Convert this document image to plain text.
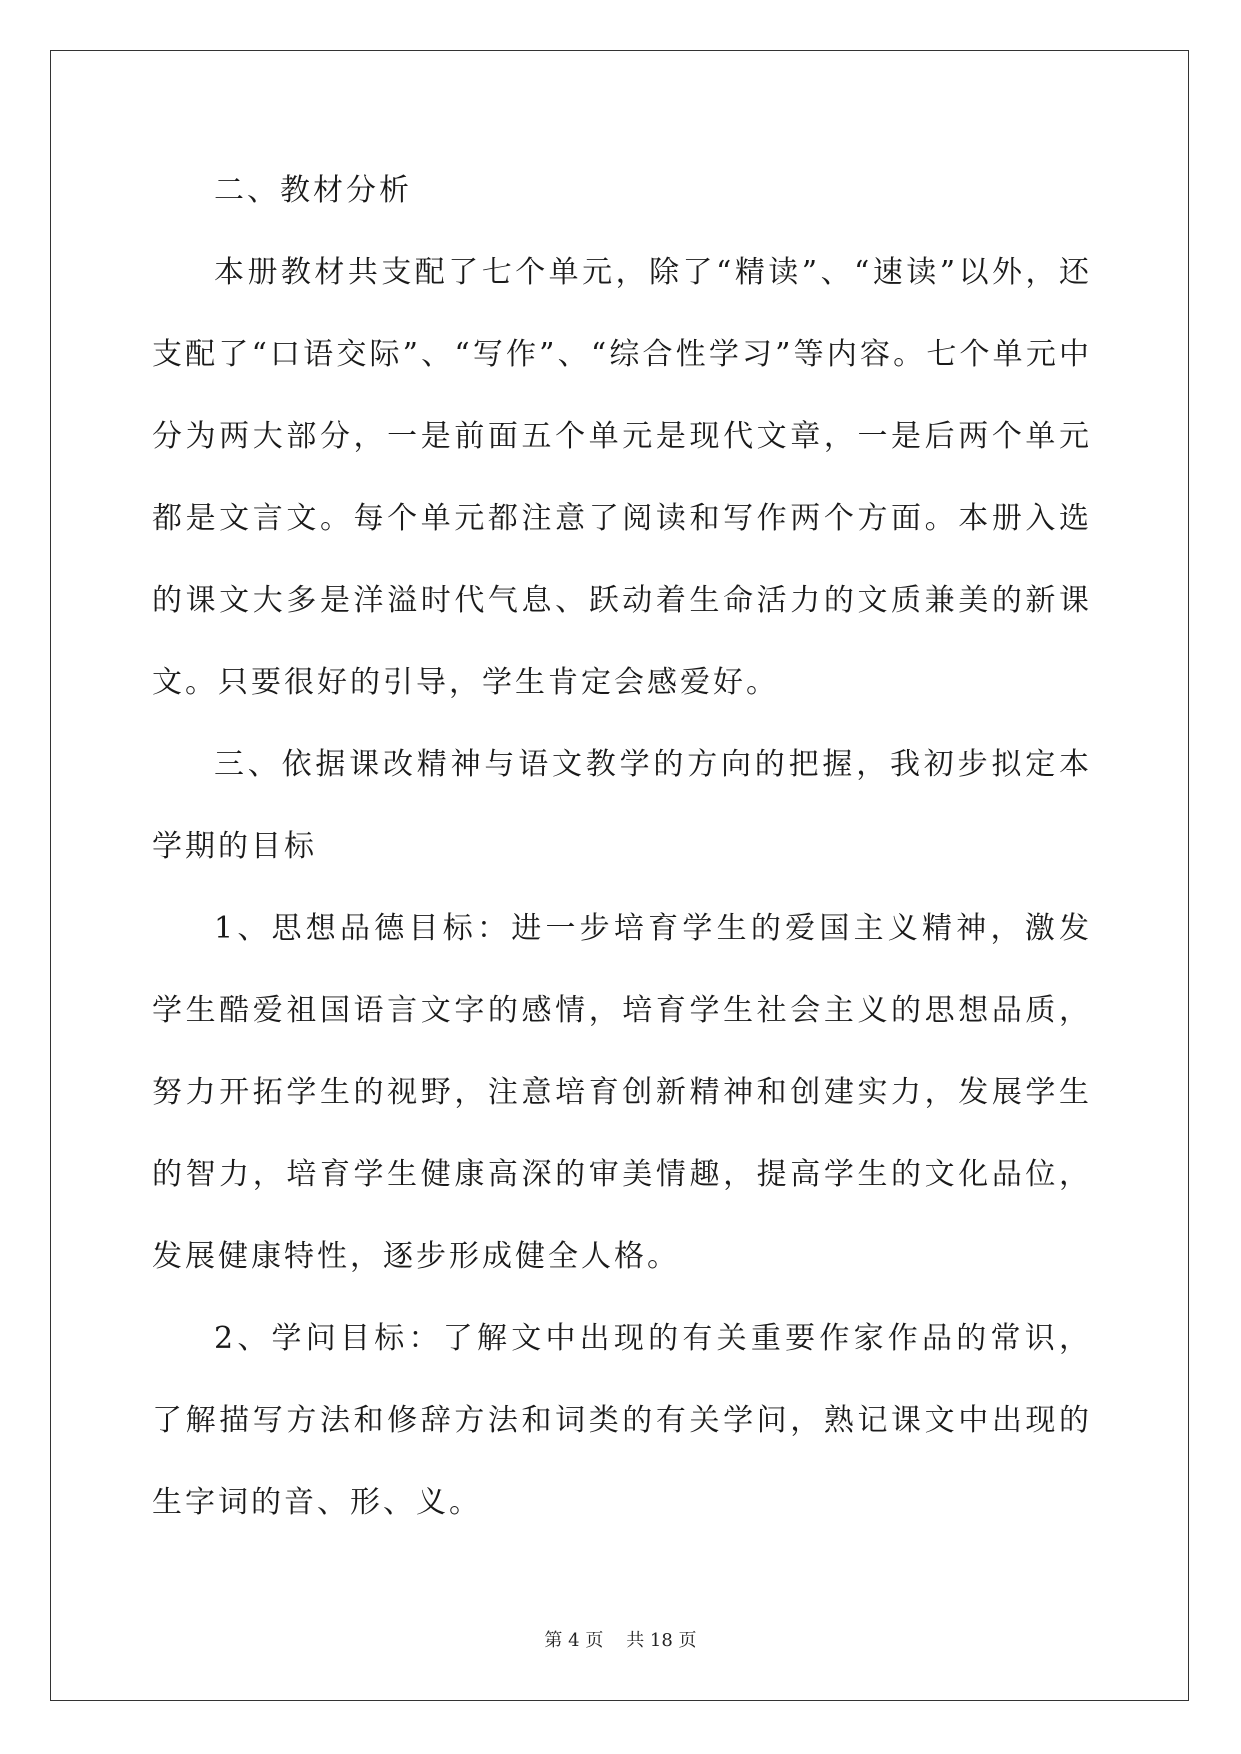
二、教材分析

本册教材共支配了七个单元，除了“精读”、“速读”以外，还支配了“口语交际”、“写作”、“综合性学习”等内容。七个单元中分为两大部分，一是前面五个单元是现代文章，一是后两个单元都是文言文。每个单元都注意了阅读和写作两个方面。本册入选的课文大多是洋溢时代气息、跃动着生命活力的文质兼美的新课文。只要很好的引导，学生肯定会感爱好。

三、依据课改精神与语文教学的方向的把握，我初步拟定本学期的目标

1、思想品德目标：进一步培育学生的爱国主义精神，激发学生酷爱祖国语言文字的感情，培育学生社会主义的思想品质，努力开拓学生的视野，注意培育创新精神和创建实力，发展学生的智力，培育学生健康高深的审美情趣，提高学生的文化品位，发展健康特性，逐步形成健全人格。

2、学问目标：了解文中出现的有关重要作家作品的常识，了解描写方法和修辞方法和词类的有关学问，熟记课文中出现的生字词的音、形、义。

第 4 页    共 18 页
